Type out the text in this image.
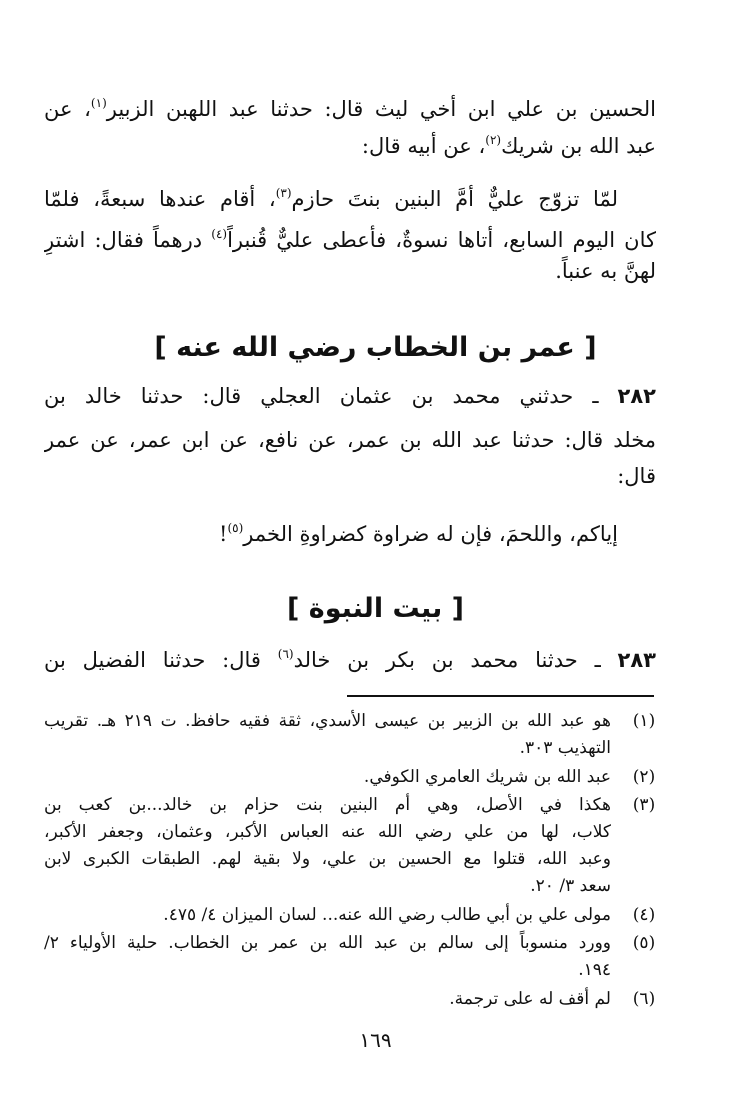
الحسين بن علي ابن أخي ليث قال: حدثنا عبد اللهبن الزبير$^{(١)}$، عن
عبد الله بن شريك$^{(٢)}$، عن أبيه قال:
لمّا تزوّج عليٌّ أمَّ البنين بنتَ حازم$^{(٣)}$، أقام عندها سبعةً، فلمّا
كان اليوم السابع، أتاها نسوةٌ، فأعطى عليٌّ قُنبراً$^{(٤)}$ درهماً فقال: اشترِ
لهنَّ به عنباً.
[ عمر بن الخطاب رضي الله عنه ]
٢٨٢ ـ حدثني محمد بن عثمان العجلي قال: حدثنا خالد بن
مخلد قال: حدثنا عبد الله بن عمر، عن نافع، عن ابن عمر، عن عمر
قال:
إياكم، واللحمَ، فإن له ضراوة كضراوةِ الخمر$^{(٥)}$!
[ بيت النبوة ]
٢٨٣ ـ حدثنا محمد بن بكر بن خالد$^{(٦)}$ قال: حدثنا الفضيل بن
(١)
هو عبد الله بن الزبير بن عيسى الأسدي، ثقة فقيه حافظ. ت ٢١٩ هـ. تقريب
التهذيب ٣٠٣.
(٢)
عبد الله بن شريك العامري الكوفي.
(٣)
هكذا في الأصل، وهي أم البنين بنت حزام بن خالد...بن كعب بن
كلاب، لها من علي رضي الله عنه العباس الأكبر، وعثمان، وجعفر الأكبر،
وعبد الله، قتلوا مع الحسين بن علي، ولا بقية لهم. الطبقات الكبرى لابن
سعد ٣/ ٢٠.
(٤)
مولى علي بن أبي طالب رضي الله عنه... لسان الميزان ٤/ ٤٧٥.
(٥)
وورد منسوباً إلى سالم بن عبد الله بن عمر بن الخطاب. حلية الأولياء ٢/
١٩٤.
(٦)
لم أقف له على ترجمة.
١٦٩
